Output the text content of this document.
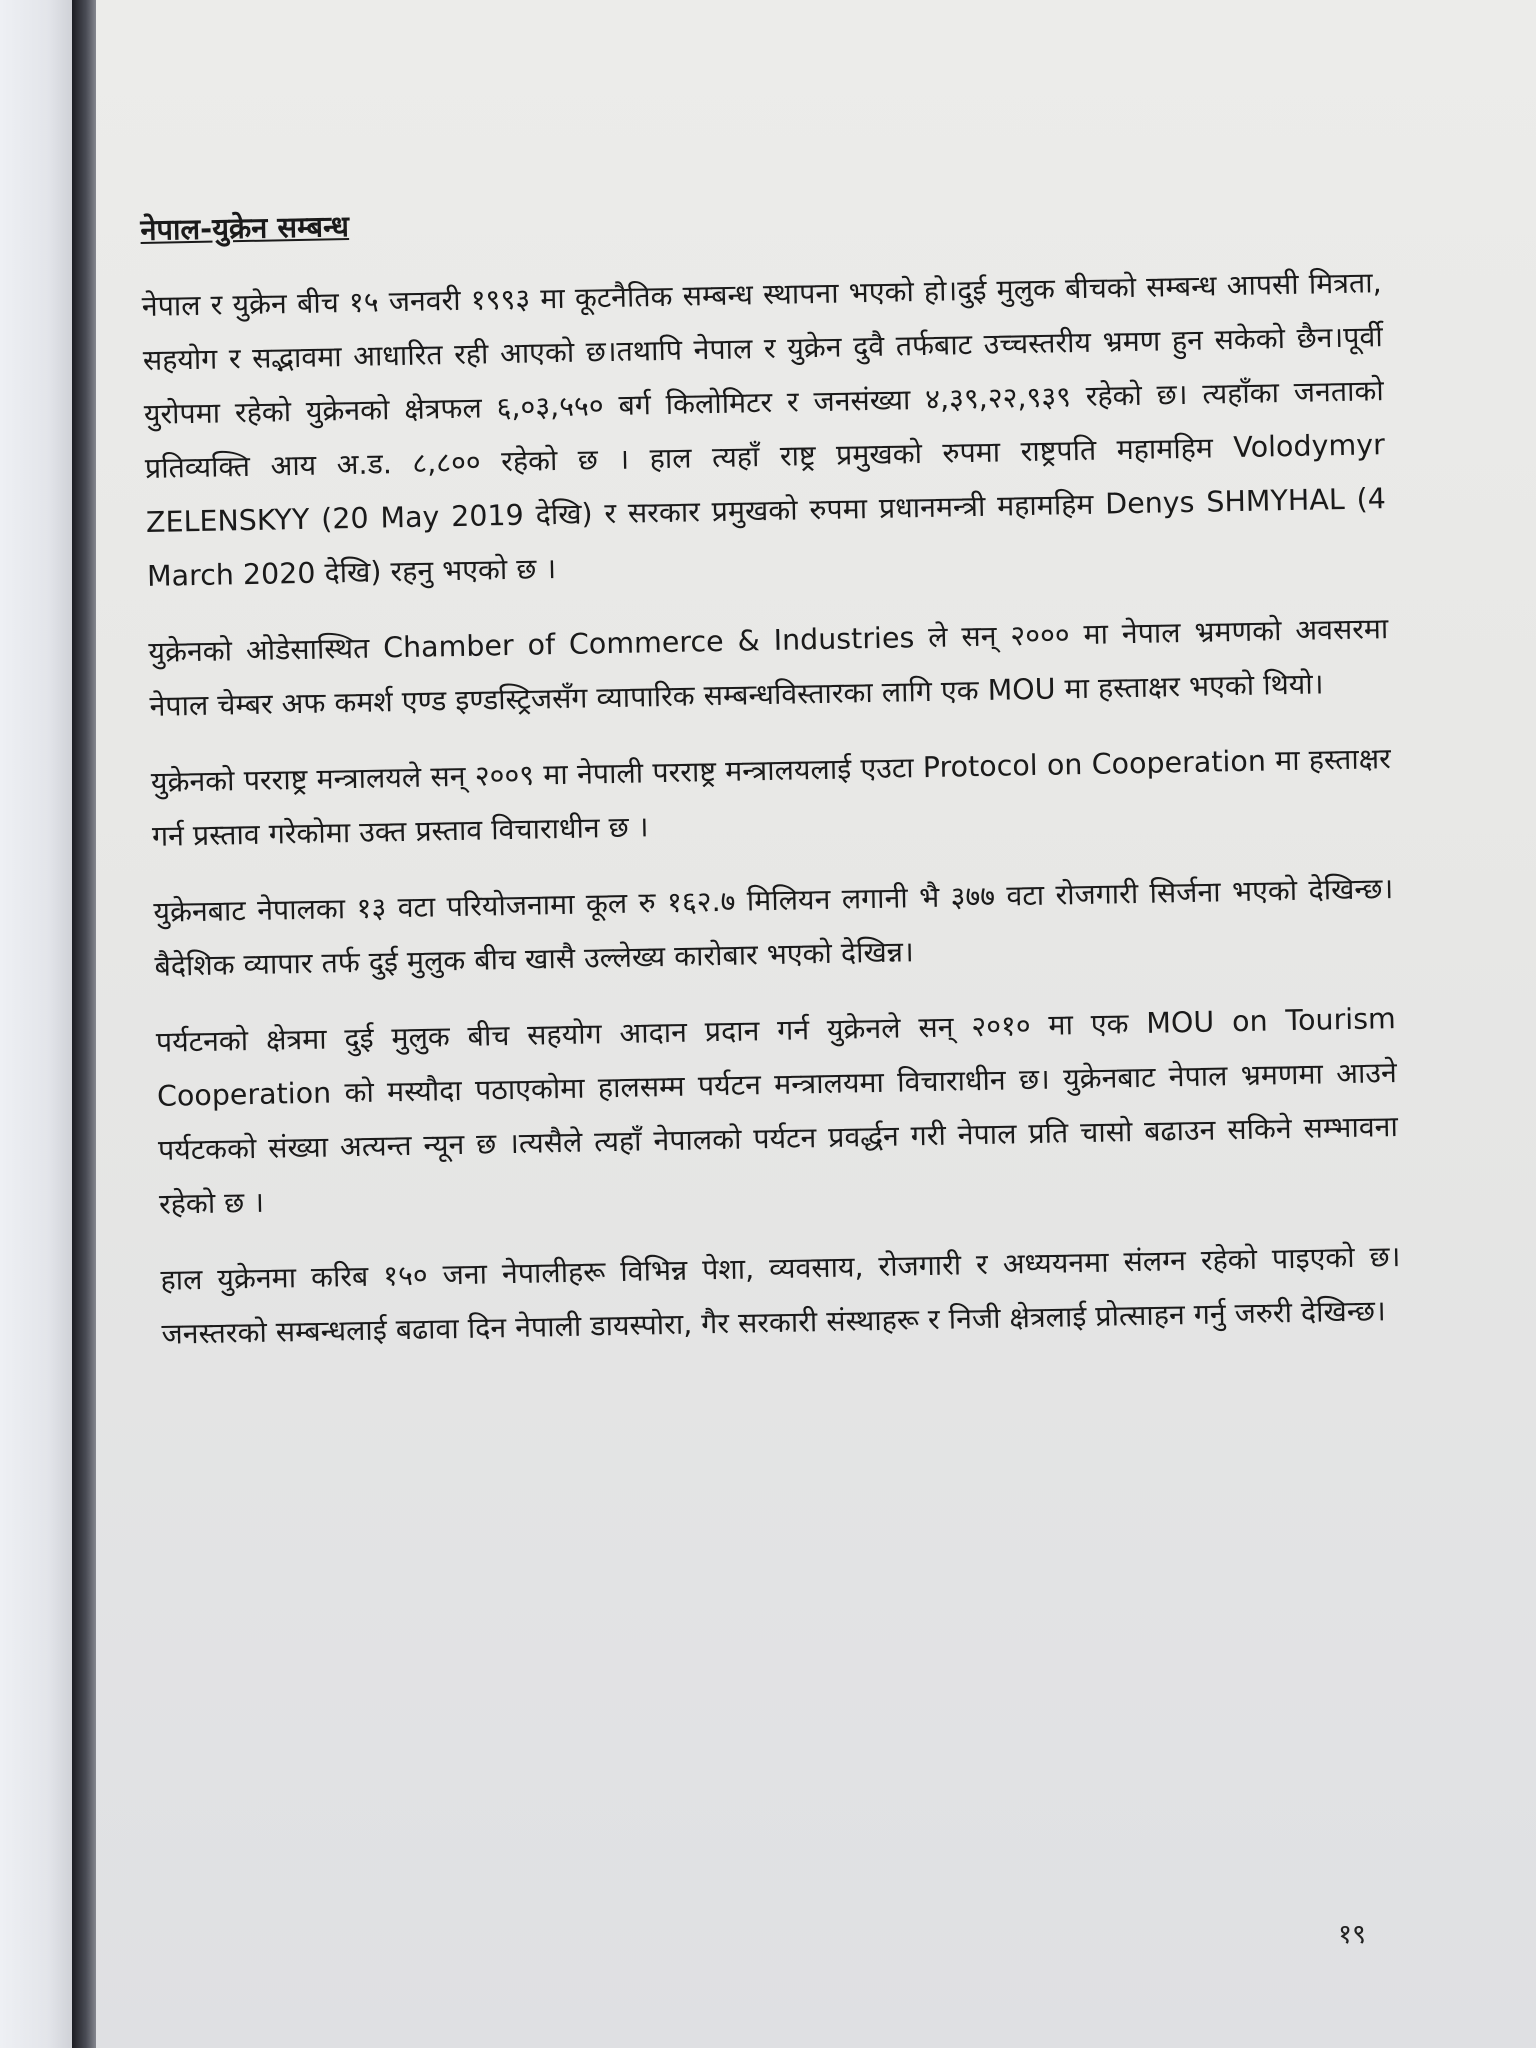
नेपाल-युक्रेन सम्बन्ध

नेपाल र युक्रेन बीच १५ जनवरी १९९३ मा कूटनैतिक सम्बन्ध स्थापना भएको हो।दुई मुलुक बीचको सम्बन्ध आपसी मित्रता, सहयोग र सद्भावमा आधारित रही आएको छ।तथापि नेपाल र युक्रेन दुवै तर्फबाट उच्चस्तरीय भ्रमण हुन सकेको छैन।पूर्वी युरोपमा रहेको युक्रेनको क्षेत्रफल ६,०३,५५० बर्ग किलोमिटर र जनसंख्या ४,३९,२२,९३९ रहेको छ। त्यहाँका जनताको प्रतिव्यक्ति आय अ.ड. ८,८०० रहेको छ । हाल त्यहाँ राष्ट्र प्रमुखको रुपमा राष्ट्रपति महामहिम Volodymyr ZELENSKYY (20 May 2019 देखि) र सरकार प्रमुखको रुपमा प्रधानमन्त्री महामहिम Denys SHMYHAL (4 March 2020 देखि) रहनु भएको छ ।

युक्रेनको ओडेसास्थित Chamber of Commerce & Industries ले सन् २००० मा नेपाल भ्रमणको अवसरमा नेपाल चेम्बर अफ कमर्श एण्ड इण्डस्ट्रिजसँग व्यापारिक सम्बन्धविस्तारका लागि एक MOU मा हस्ताक्षर भएको थियो।

युक्रेनको परराष्ट्र मन्त्रालयले सन् २००९ मा नेपाली परराष्ट्र मन्त्रालयलाई एउटा Protocol on Cooperation मा हस्ताक्षर गर्न प्रस्ताव गरेकोमा उक्त प्रस्ताव विचाराधीन छ ।

युक्रेनबाट नेपालका १३ वटा परियोजनामा कूल रु १६२.७ मिलियन लगानी भै ३७७ वटा रोजगारी सिर्जना भएको देखिन्छ।बैदेशिक व्यापार तर्फ दुई मुलुक बीच खासै उल्लेख्य कारोबार भएको देखिन्न।

पर्यटनको क्षेत्रमा दुई मुलुक बीच सहयोग आदान प्रदान गर्न युक्रेनले सन् २०१० मा एक MOU on Tourism Cooperation को मस्यौदा पठाएकोमा हालसम्म पर्यटन मन्त्रालयमा विचाराधीन छ। युक्रेनबाट नेपाल भ्रमणमा आउने पर्यटकको संख्या अत्यन्त न्यून छ ।त्यसैले त्यहाँ नेपालको पर्यटन प्रवर्द्धन गरी नेपाल प्रति चासो बढाउन सकिने सम्भावना रहेको छ ।

हाल युक्रेनमा करिब १५० जना नेपालीहरू विभिन्न पेशा, व्यवसाय, रोजगारी र अध्ययनमा संलग्न रहेको पाइएको छ। जनस्तरको सम्बन्धलाई बढावा दिन नेपाली डायस्पोरा, गैर सरकारी संस्थाहरू र निजी क्षेत्रलाई प्रोत्साहन गर्नु जरुरी देखिन्छ।

१९
